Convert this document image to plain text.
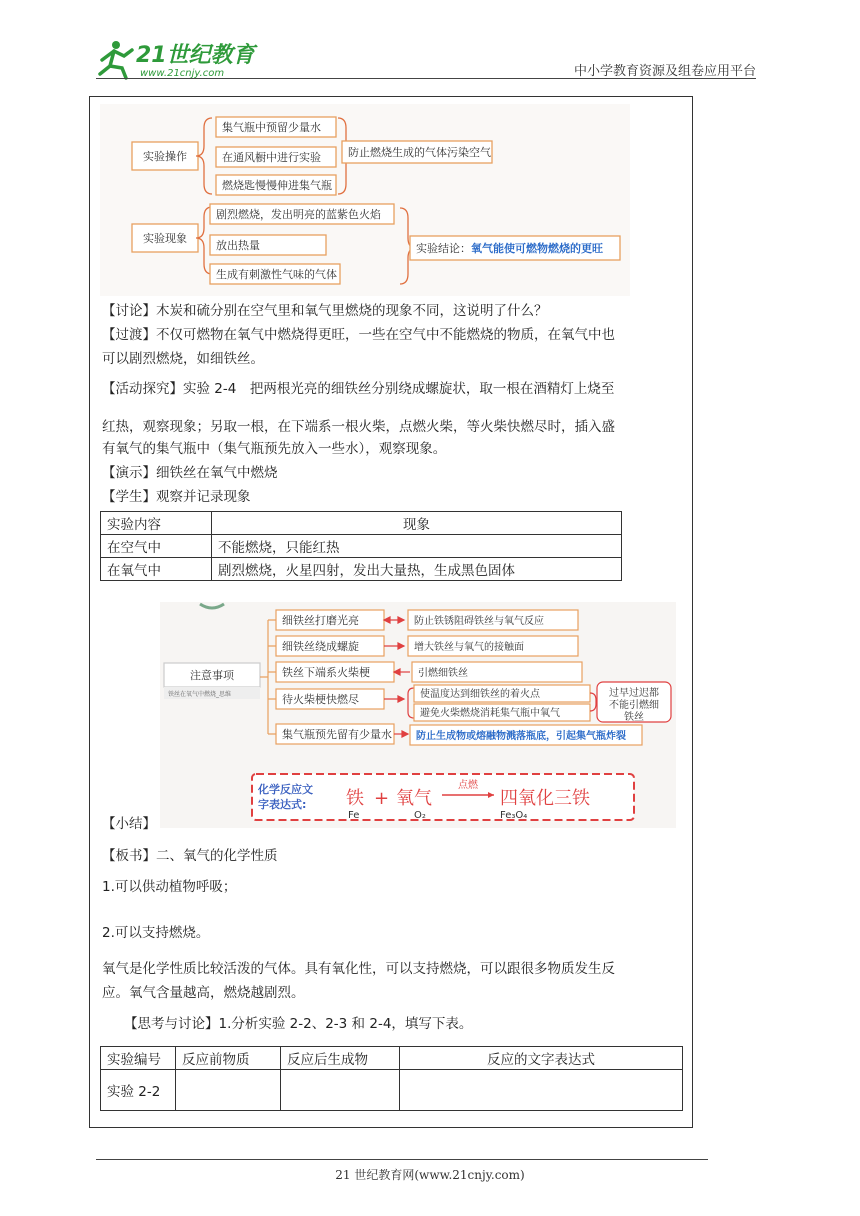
21世纪教育
www.21cnjy.com	中小学教育资源及组卷应用平台
实验操作
集气瓶中预留少量水
在通风橱中进行实验
燃烧匙慢慢伸进集气瓶
防止燃烧生成的气体污染空气
实验现象
剧烈燃烧，发出明亮的蓝紫色火焰
放出热量
生成有刺激性气味的气体
实验结论：氧气能使可燃物燃烧的更旺
【讨论】木炭和硫分别在空气里和氧气里燃烧的现象不同，这说明了什么？
【过渡】不仅可燃物在氧气中燃烧得更旺，一些在空气中不能燃烧的物质，在氧气中也
可以剧烈燃烧，如细铁丝。
【活动探究】实验 2-4　把两根光亮的细铁丝分别绕成螺旋状，取一根在酒精灯上烧至
红热，观察现象；另取一根，在下端系一根火柴，点燃火柴，等火柴快燃尽时，插入盛
有氧气的集气瓶中（集气瓶预先放入一些水），观察现象。
【演示】细铁丝在氧气中燃烧
【学生】观察并记录现象
实验内容	现象
在空气中	不能燃烧，只能红热
在氧气中	剧烈燃烧，火星四射，发出大量热，生成黑色固体
注意事项
铁丝在氧气中燃烧_思维
细铁丝打磨光亮
细铁丝绕成螺旋
铁丝下端系火柴梗
待火柴梗快燃尽
集气瓶预先留有少量水
防止铁锈阻碍铁丝与氧气反应
增大铁丝与氧气的接触面
引燃细铁丝
使温度达到细铁丝的着火点
避免火柴燃烧消耗集气瓶中氧气
过早过迟都
不能引燃细
铁丝
防止生成物或熔融物溅落瓶底，引起集气瓶炸裂
化学反应文
字表达式: 铁 + 氧气
点燃
四氧化三铁
Fe	O₂	Fe₃O₄
【小结】
【板书】二、氧气的化学性质
1.可以供动植物呼吸；
2.可以支持燃烧。
氧气是化学性质比较活泼的气体。具有氧化性，可以支持燃烧，可以跟很多物质发生反
应。氧气含量越高，燃烧越剧烈。
【思考与讨论】1.分析实验 2-2、2-3 和 2-4，填写下表。
实验编号	反应前物质	反应后生成物	反应的文字表达式
实验 2-2			
21 世纪教育网(www.21cnjy.com)
